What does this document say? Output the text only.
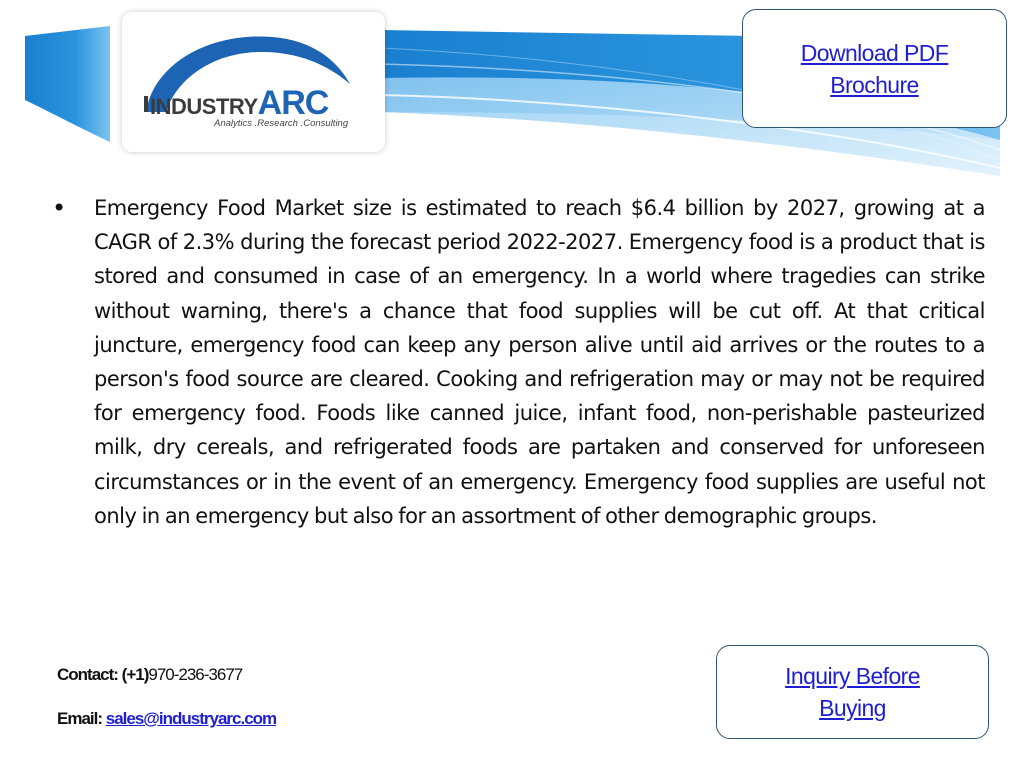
INDUSTRYARC
Analytics .Research .Consulting
Download PDF
Brochure
• Emergency Food Market size is estimated to reach $6.4 billion by 2027, growing at a CAGR of 2.3% during the forecast period 2022-2027. Emergency food is a product that is stored and consumed in case of an emergency. In a world where tragedies can strike without warning, there's a chance that food supplies will be cut off. At that critical juncture, emergency food can keep any person alive until aid arrives or the routes to a person's food source are cleared. Cooking and refrigeration may or may not be required for emergency food. Foods like canned juice, infant food, non-perishable pasteurized milk, dry cereals, and refrigerated foods are partaken and conserved for unforeseen circumstances or in the event of an emergency. Emergency food supplies are useful not only in an emergency but also for an assortment of other demographic groups.

Contact: (+1)970-236-3677
Email: sales@industryarc.com
Inquiry Before
Buying
